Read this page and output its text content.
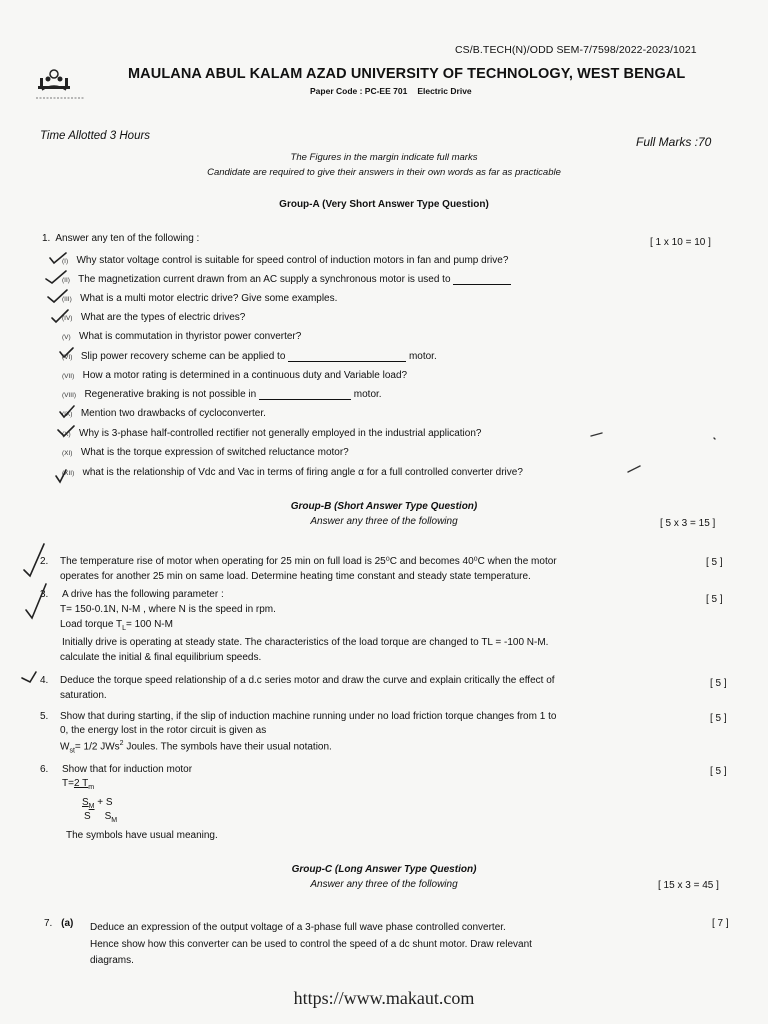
CS/B.TECH(N)/ODD SEM-7/7598/2022-2023/1021
MAULANA ABUL KALAM AZAD UNIVERSITY OF TECHNOLOGY, WEST BENGAL
Paper Code : PC-EE 701 Electric Drive
Time Allotted 3 Hours	Full Marks :70
The Figures in the margin indicate full marks
Candidate are required to give their answers in their own words as far as practicable
Group-A (Very Short Answer Type Question)
1. Answer any ten of the following :	[ 1 x 10 = 10 ]
(I) Why stator voltage control is suitable for speed control of induction motors in fan and pump drive?
(II) The magnetization current drawn from an AC supply a synchronous motor is used to
(III) What is a multi motor electric drive? Give some examples.
(IV) What are the types of electric drives?
(V) What is commutation in thyristor power converter?
(VI) Slip power recovery scheme can be applied to	motor.
(VII) How a motor rating is determined in a continuous duty and Variable load?
(VIII) Regenerative braking is not possible in	motor.
(IX) Mention two drawbacks of cycloconverter.
(X) Why is 3-phase half-controlled rectifier not generally employed in the industrial application?
(XI) What is the torque expression of switched reluctance motor?
(XII) what is the relationship of Vdc and Vac in terms of firing angle α for a full controlled converter drive?
Group-B (Short Answer Type Question)
Answer any three of the following	[ 5 x 3 = 15 ]
2. The temperature rise of motor when operating for 25 min on full load is 25⁰C and becomes 40⁰C when the motor
operates for another 25 min on same load. Determine heating time constant and steady state temperature.
[ 5 ]
3. A drive has the following parameter :
T= 150-0.1N, N-M , where N is the speed in rpm.
Load torque $T_L= 100$ N-M
Initially drive is operating at steady state. The characteristics of the load torque are changed to TL = -100 N-M.
calculate the initial & final equilibrium speeds.
[ 5 ]
4. Deduce the torque speed relationship of a d.c series motor and draw the curve and explain critically the effect of
saturation.
[ 5 ]
5. Show that during starting, if the slip of induction machine running under no load friction torque changes from 1 to
0, the energy lost in the rotor circuit is given as
$W_{st}= 1/2$ JWs$^2$ Joules. The symbols have their usual notation.
[ 5 ]
6. Show that for induction motor
T=2 $T_m$
$S_M + S$
S $S_M$
The symbols have usual meaning.
[ 5 ]
Group-C (Long Answer Type Question)
Answer any three of the following	[ 15 x 3 = 45 ]
7. (a) Deduce an expression of the output voltage of a 3-phase full wave phase controlled converter.
Hence show how this converter can be used to control the speed of a dc shunt motor. Draw relevant
diagrams.
[ 7 ]
https://www.makaut.com
